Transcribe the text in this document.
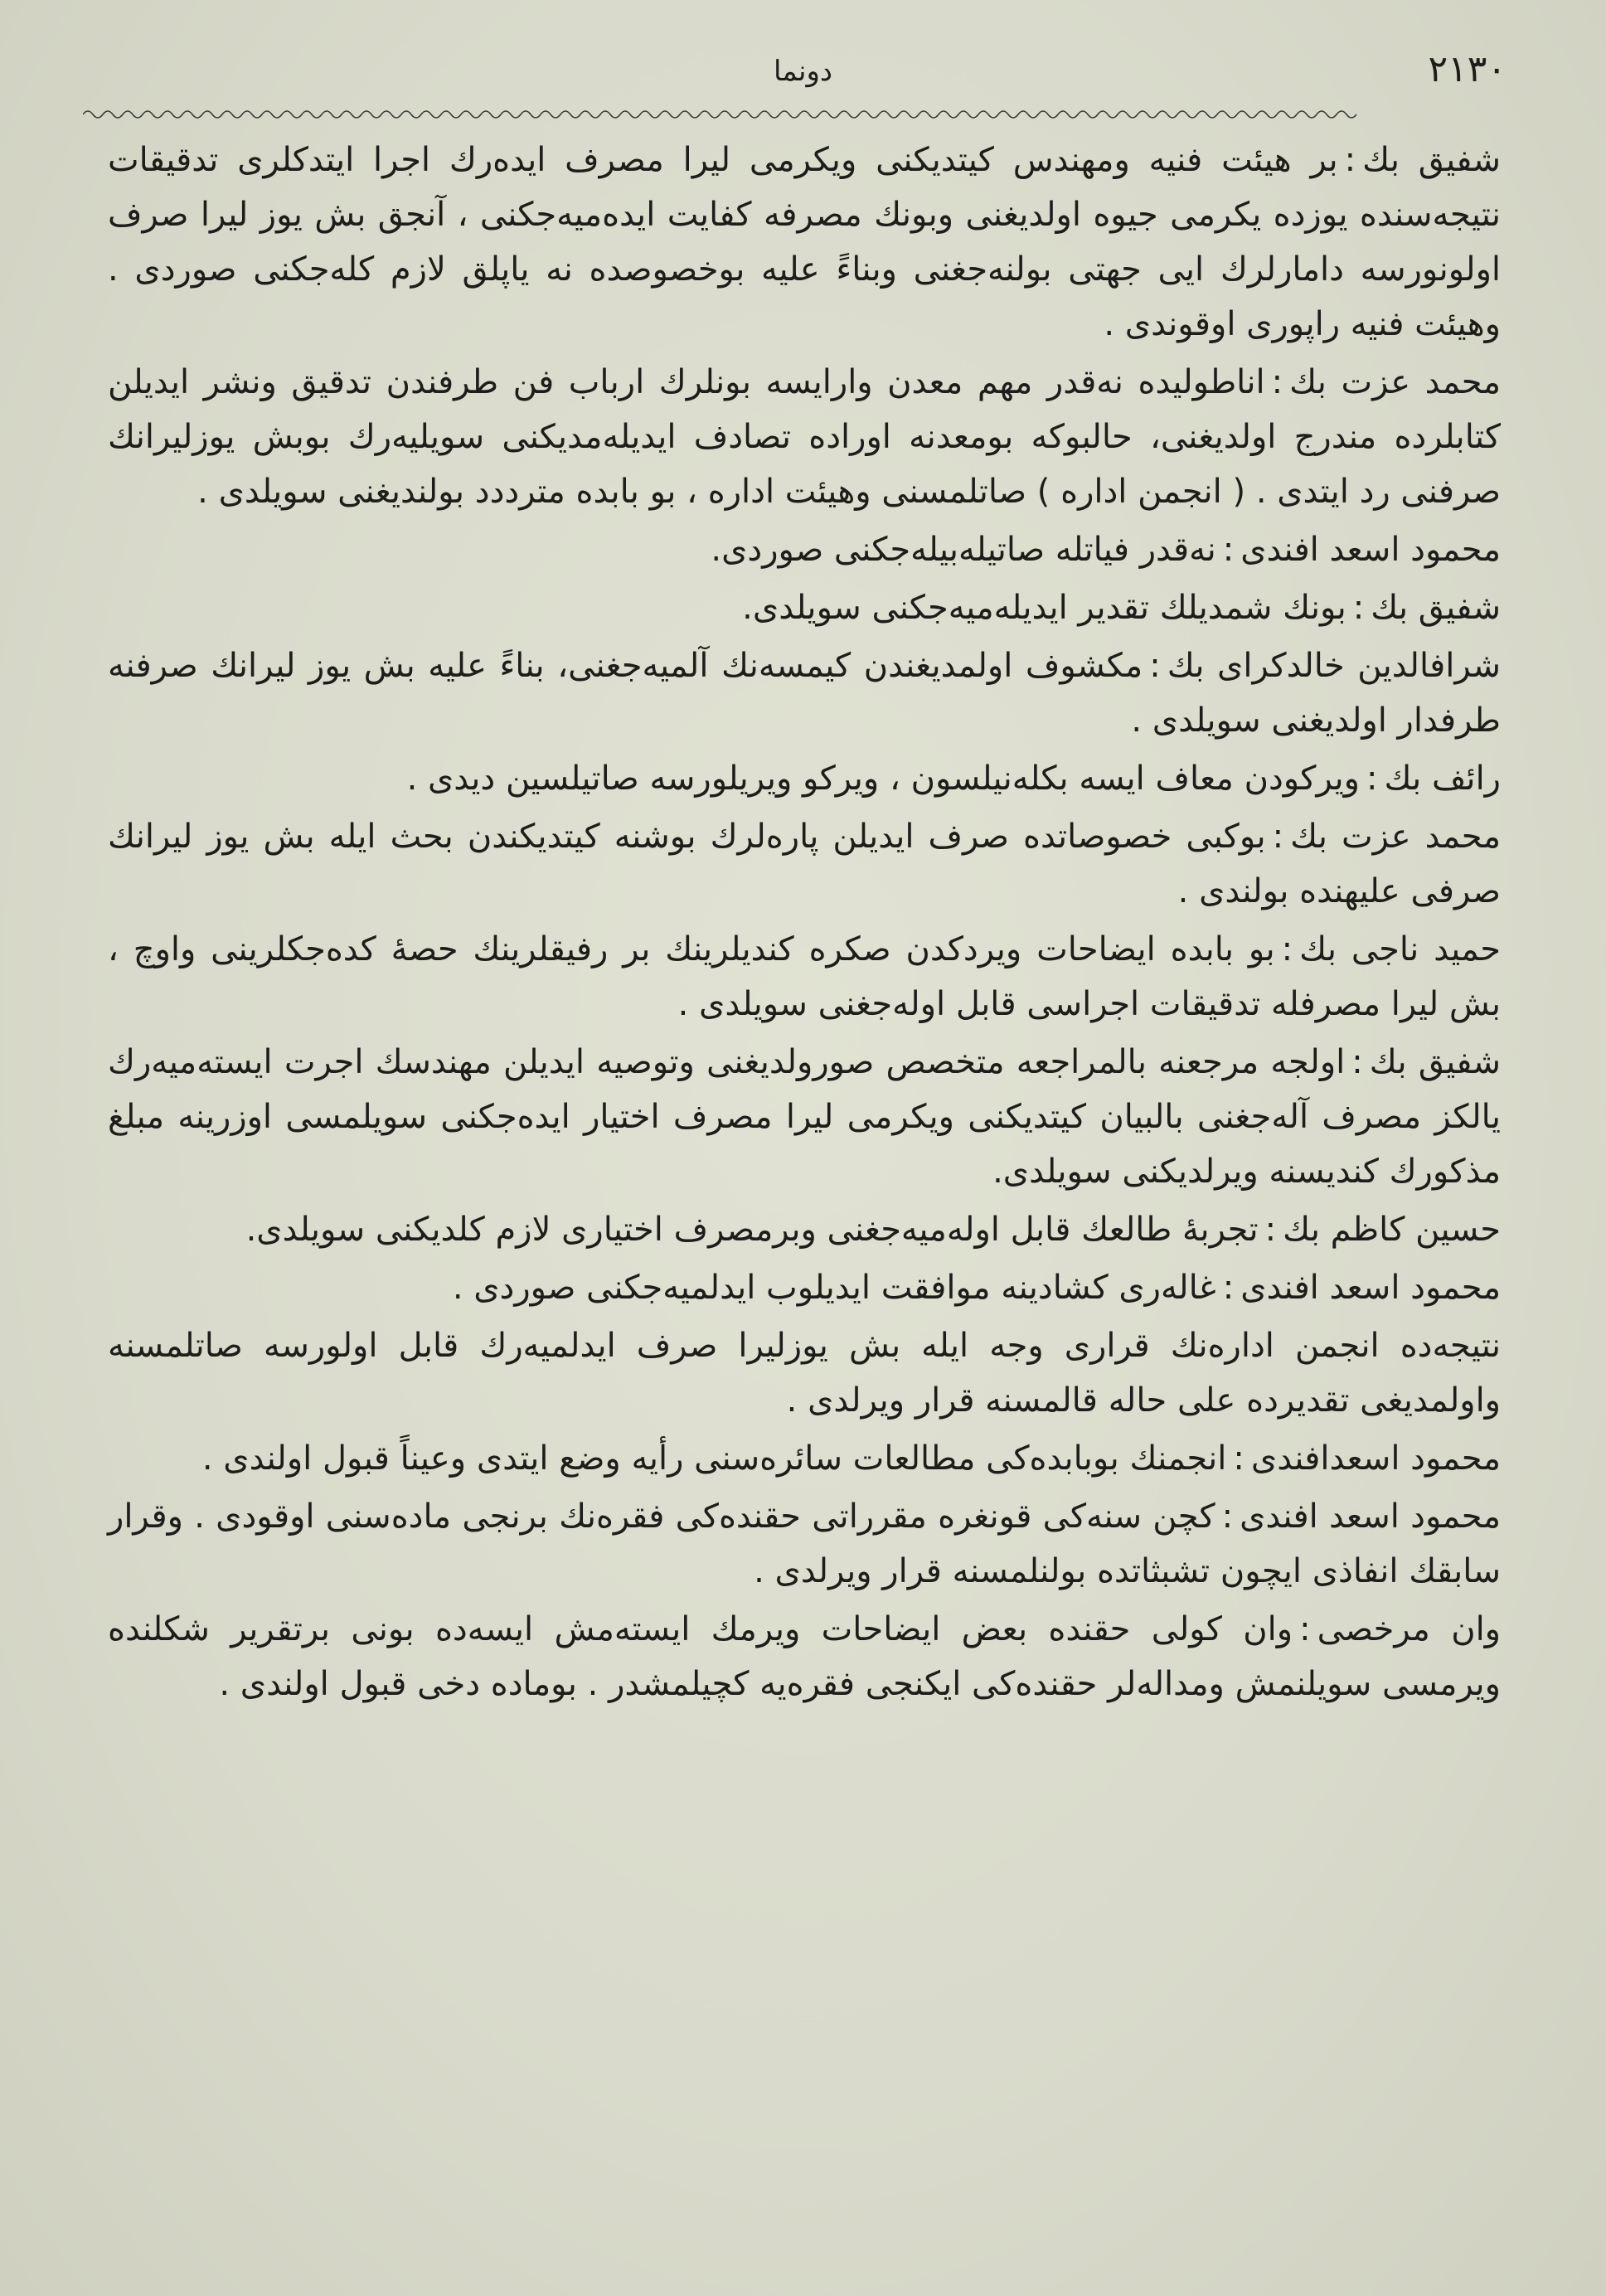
۲۱۳۰
دونما

شفیق بك:بر هیئت فنیه ومهندس کیتدیکنی ویکرمی لیرا مصرف ایده‌رك اجرا ایتدکلری تدقیقات نتیجه‌سنده یوزده یکرمی جیوه اولدیغنی وبونك مصرفه کفایت ایده‌میه‌جکنی ، آنجق بش یوز لیرا صرف اولونورسه دامارلرك ایی جهتی بولنه‌جغنی وبناءً علیه بوخصوصده نه یاپلق لازم کله‌جکنی صوردی . وهیئت فنیه راپوری اوقوندی .

محمد عزت بك:اناطولیده نه‌قدر مهم معدن وارایسه بونلرك ارباب فن طرفندن تدقیق ونشر ایدیلن کتابلرده مندرج اولدیغنی، حالبوکه بومعدنه اوراده تصادف ایدیله‌مدیکنی سویلیه‌رك بوبش یوزلیرانك صرفنی رد ایتدی . ( انجمن اداره ) صاتلمسنی وهیئت اداره ، بو بابده مترددد بولندیغنی سویلدی .

محمود اسعد افندی:نه‌قدر فیاتله صاتیله‌بیله‌جکنی صوردی.

شفیق بك:بونك شمدیلك تقدیر ایدیله‌میه‌جکنی سویلدی.

شرافالدین خالدکرای بك:مکشوف اولمدیغندن کیمسه‌نك آلمیه‌جغنی، بناءً علیه بش یوز لیرانك صرفنه طرفدار اولدیغنی سویلدی .

رائف بك:ویرکودن معاف ایسه بکله‌نیلسون ، ویرکو ویریلورسه صاتیلسین دیدی .

محمد عزت بك:بوکبی خصوصاتده صرف ایدیلن پاره‌لرك بوشنه کیتدیکندن بحث ایله بش یوز لیرانك صرفی علیهنده بولندی .

حمید ناجی بك:بو بابده ایضاحات ویردکدن صکره کندیلرینك بر رفیقلرینك حصه‌ٔ کده‌جکلرینی واوچ ، بش لیرا مصرفله تدقیقات اجراسی قابل اوله‌جغنی سویلدی .

شفیق بك:اولجه مرجعنه بالمراجعه متخصص صورولدیغنی وتوصیه ایدیلن مهندسك اجرت ایسته‌میه‌رك یالکز مصرف آله‌جغنی بالبیان کیتدیکنی ویکرمی لیرا مصرف اختیار ایده‌جکنی سویلمسی اوزرینه مبلغ مذکورك کندیسنه ویرلدیکنی سویلدی.

حسین کاظم بك:تجربه‌ٔ طالعك قابل اوله‌میه‌جغنی وبرمصرف اختیاری لازم کلدیکنی سویلدی.

محمود اسعد افندی:غاله‌ری کشادینه موافقت ایدیلوب ایدلمیه‌جکنی صوردی .

نتیجه‌ده انجمن اداره‌نك قراری وجه ایله بش یوزلیرا صرف ایدلمیه‌رك قابل اولورسه صاتلمسنه واولمدیغی تقدیرده علی حاله قالمسنه قرار ویرلدی .

محمود اسعدافندی:انجمنك بوبابده‌کی مطالعات سائره‌سنی رأیه وضع ایتدی وعیناً قبول اولندی .

محمود اسعد افندی:کچن سنه‌کی قونغره مقرراتی حقنده‌کی فقره‌نك برنجی ماده‌سنی اوقودی . وقرار سابقك انفاذی ایچون تشبثاتده بولنلمسنه قرار ویرلدی .

وان مرخصی:وان کولی حقنده بعض ایضاحات ویرمك ایستەمش ایسه‌ده بونی برتقریر شکلنده ویرمسی سویلنمش ومداله‌لر حقنده‌کی ایکنجی فقره‌یه کچیلمشدر . بوماده دخی قبول اولندی .
